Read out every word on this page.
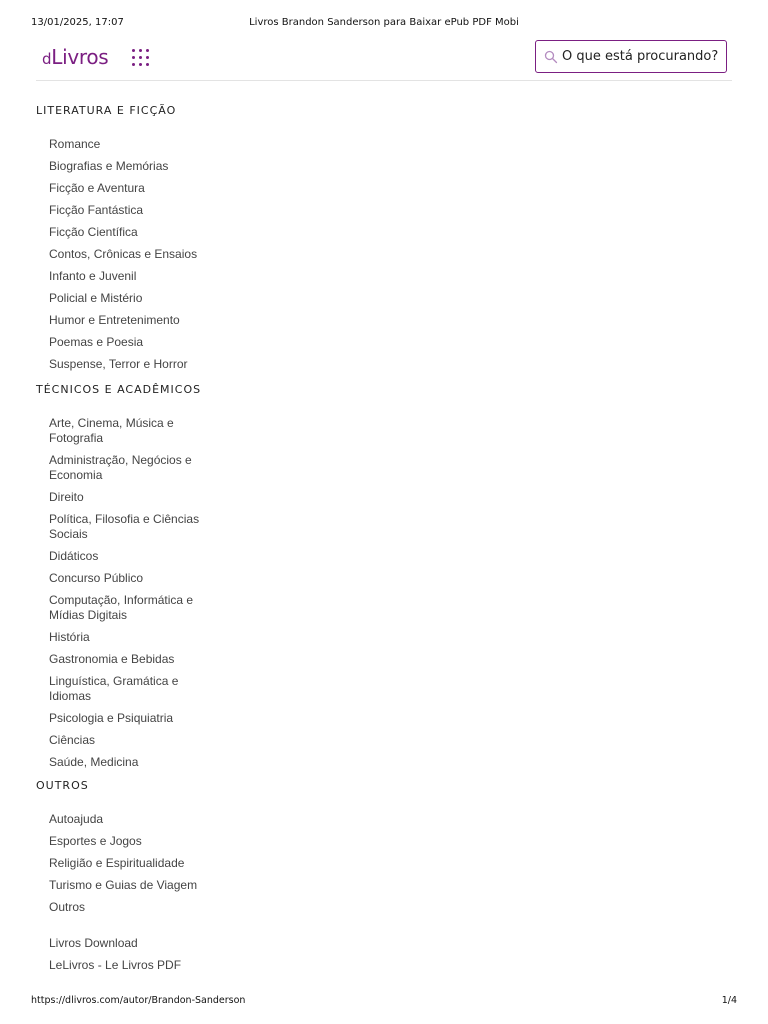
13/01/2025, 17:07	Livros Brandon Sanderson para Baixar ePub PDF Mobi
dLivros
O que está procurando?
LITERATURA E FICÇÃO
Romance
Biografias e Memórias
Ficção e Aventura
Ficção Fantástica
Ficção Científica
Contos, Crônicas e Ensaios
Infanto e Juvenil
Policial e Mistério
Humor e Entretenimento
Poemas e Poesia
Suspense, Terror e Horror
TÉCNICOS E ACADÊMICOS
Arte, Cinema, Música e Fotografia
Administração, Negócios e Economia
Direito
Política, Filosofia e Ciências Sociais
Didáticos
Concurso Público
Computação, Informática e Mídias Digitais
História
Gastronomia e Bebidas
Linguística, Gramática e Idiomas
Psicologia e Psiquiatria
Ciências
Saúde, Medicina
OUTROS
Autoajuda
Esportes e Jogos
Religião e Espiritualidade
Turismo e Guias de Viagem
Outros
Livros Download
LeLivros - Le Livros PDF
https://dlivros.com/autor/Brandon-Sanderson	1/4
